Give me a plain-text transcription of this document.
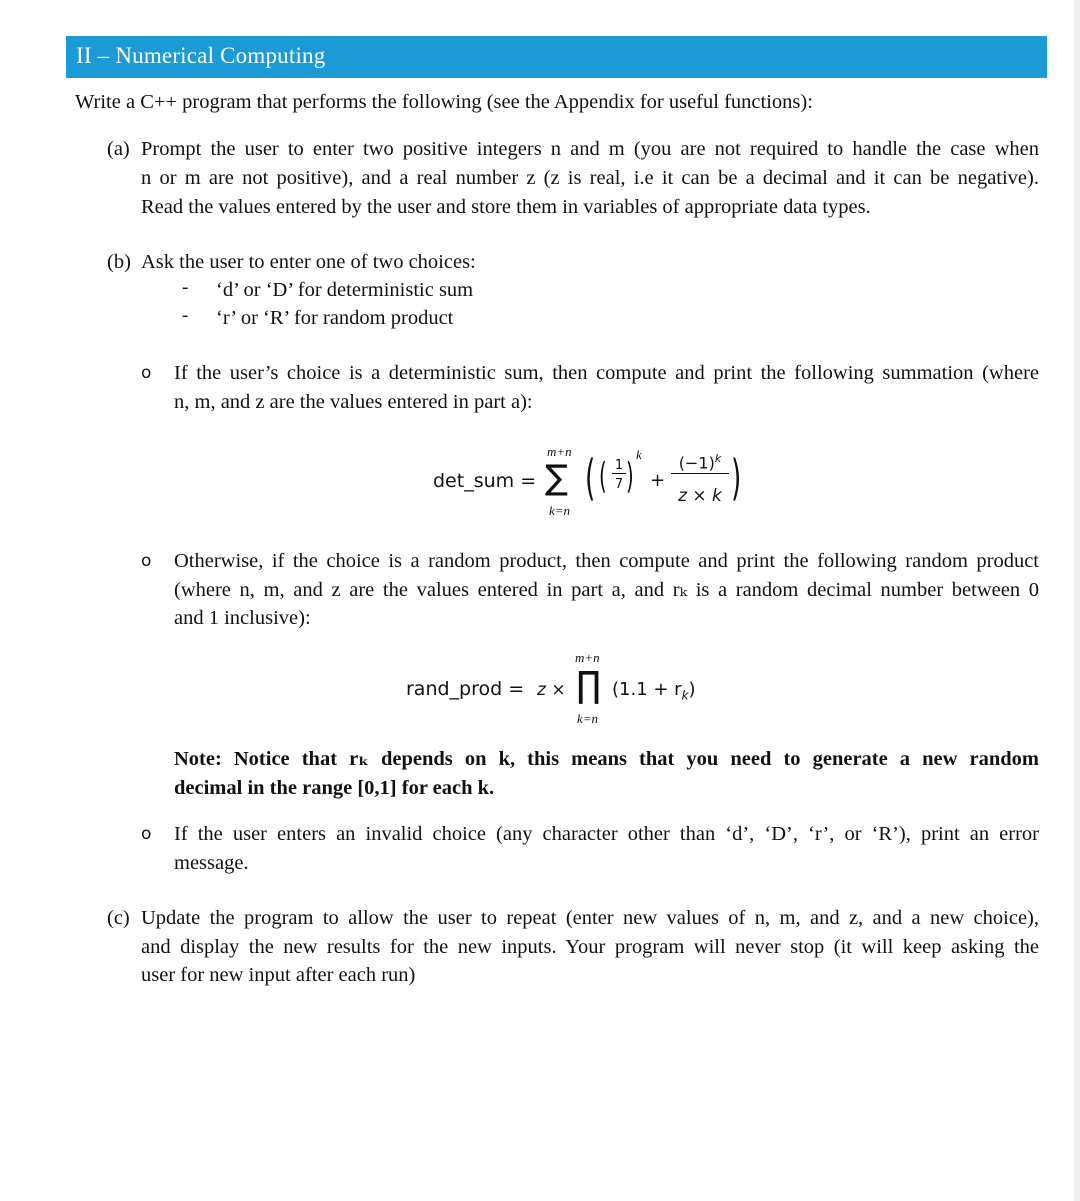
II – Numerical Computing
Write a C++ program that performs the following (see the Appendix for useful functions):
(a) Prompt the user to enter two positive integers n and m (you are not required to handle the case when
n or m are not positive), and a real number z (z is real, i.e it can be a decimal and it can be negative).
Read the values entered by the user and store them in variables of appropriate data types.
(b) Ask the user to enter one of two choices:
- ‘d’ or ‘D’ for deterministic sum
- ‘r’ or ‘R’ for random product
o If the user’s choice is a deterministic sum, then compute and print the following summation (where
n, m, and z are the values entered in part a):
det_sum =
m+n
∑
k=n
( ( 1
7 )
k
+
$(-1)^k$
z × k )
o Otherwise, if the choice is a random product, then compute and print the following random product
(where n, m, and z are the values entered in part a, and rₖ is a random decimal number between 0
and 1 inclusive):
rand_prod = z ×
m+n
∏
k=n
$(1.1 + r_k)$
Note: Notice that rₖ depends on k, this means that you need to generate a new random
decimal in the range [0,1] for each k.
o If the user enters an invalid choice (any character other than ‘d’, ‘D’, ‘r’, or ‘R’), print an error
message.
(c) Update the program to allow the user to repeat (enter new values of n, m, and z, and a new choice),
and display the new results for the new inputs. Your program will never stop (it will keep asking the
user for new input after each run)
